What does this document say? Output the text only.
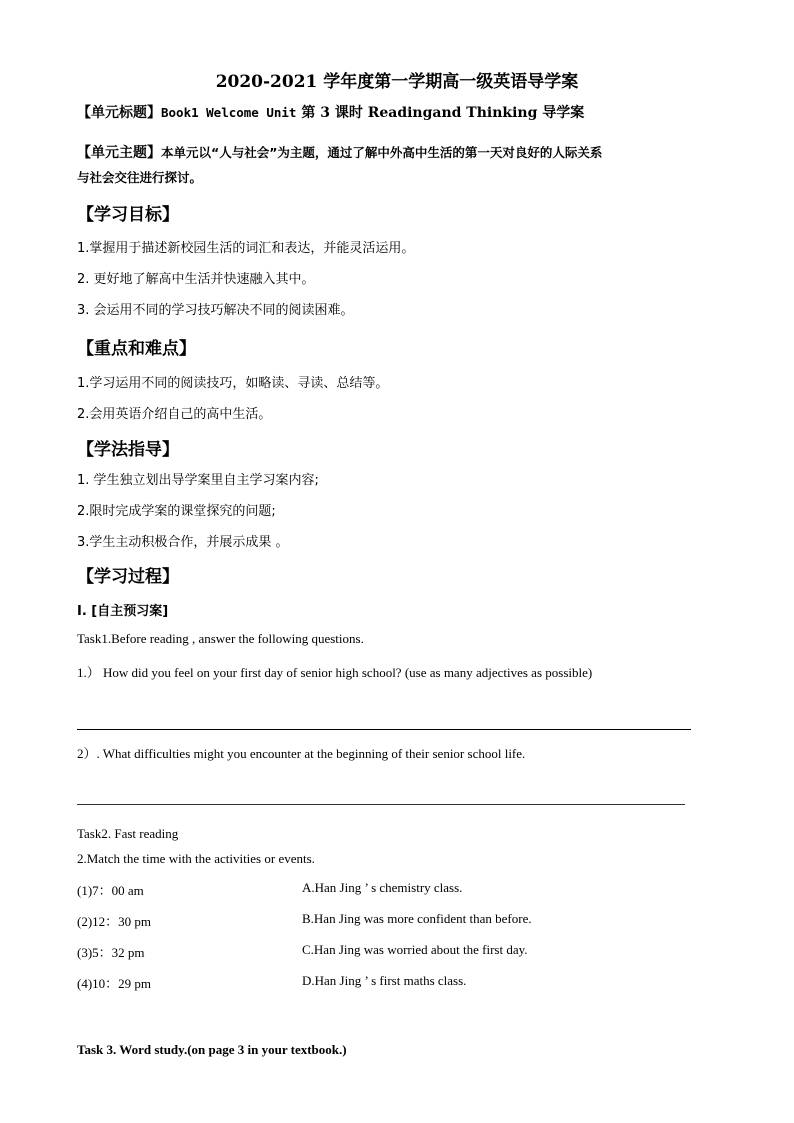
2020-2021 学年度第一学期高一级英语导学案
【单元标题】Book1 Welcome Unit 第 3 课时 Readingand Thinking 导学案
【单元主题】本单元以“人与社会”为主题，通过了解中外高中生活的第一天对良好的人际关系
与社会交往进行探讨。
【学习目标】
1.掌握用于描述新校园生活的词汇和表达，并能灵活运用。
2. 更好地了解高中生活并快速融入其中。
3. 会运用不同的学习技巧解决不同的阅读困难。
【重点和难点】
1.学习运用不同的阅读技巧，如略读、寻读、总结等。
2.会用英语介绍自己的高中生活。
【学法指导】
1. 学生独立划出导学案里自主学习案内容;
2.限时完成学案的课堂探究的问题;
3.学生主动积极合作，并展示成果 。
【学习过程】
I. [自主预习案]
Task1.Before reading , answer the following questions.
1.） How did you feel on your first day of senior high school? (use as many adjectives as possible)
2）. What difficulties might you encounter at the beginning of their senior school life.
Task2. Fast reading
2.Match the time with the activities or events.
(1)7：00 am	A.Han Jing ’ s chemistry class.
(2)12：30 pm	B.Han Jing was more confident than before.
(3)5：32 pm	C.Han Jing was worried about the first day.
(4)10：29 pm	D.Han Jing ’ s first maths class.
Task 3. Word study.(on page 3 in your textbook.)
